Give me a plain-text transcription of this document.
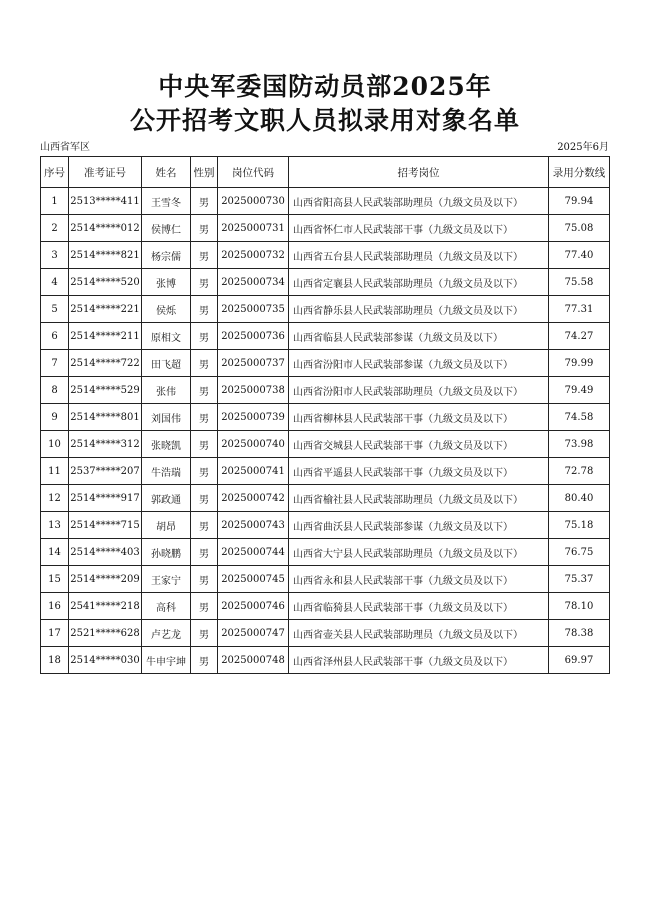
中央军委国防动员部2025年

公开招考文职人员拟录用对象名单

山西省军区	2025年6月
序号	准考证号	姓名	性别	岗位代码	招考岗位	录用分数线
1	2513*****411	王雪冬	男	2025000730	山西省阳高县人民武装部助理员（九级文员及以下）	79.94
2	2514*****012	侯博仁	男	2025000731	山西省怀仁市人民武装部干事（九级文员及以下）	75.08
3	2514*****821	杨宗儒	男	2025000732	山西省五台县人民武装部助理员（九级文员及以下）	77.40
4	2514*****520	张博	男	2025000734	山西省定襄县人民武装部助理员（九级文员及以下）	75.58
5	2514*****221	侯烁	男	2025000735	山西省静乐县人民武装部助理员（九级文员及以下）	77.31
6	2514*****211	原相文	男	2025000736	山西省临县人民武装部参谋（九级文员及以下）	74.27
7	2514*****722	田飞超	男	2025000737	山西省汾阳市人民武装部参谋（九级文员及以下）	79.99
8	2514*****529	张伟	男	2025000738	山西省汾阳市人民武装部助理员（九级文员及以下）	79.49
9	2514*****801	刘国伟	男	2025000739	山西省柳林县人民武装部干事（九级文员及以下）	74.58
10	2514*****312	张晓凯	男	2025000740	山西省交城县人民武装部干事（九级文员及以下）	73.98
11	2537*****207	牛浩瑞	男	2025000741	山西省平遥县人民武装部干事（九级文员及以下）	72.78
12	2514*****917	郭政通	男	2025000742	山西省榆社县人民武装部助理员（九级文员及以下）	80.40
13	2514*****715	胡昂	男	2025000743	山西省曲沃县人民武装部参谋（九级文员及以下）	75.18
14	2514*****403	孙晓鹏	男	2025000744	山西省大宁县人民武装部助理员（九级文员及以下）	76.75
15	2514*****209	王家宁	男	2025000745	山西省永和县人民武装部干事（九级文员及以下）	75.37
16	2541*****218	高科	男	2025000746	山西省临猗县人民武装部干事（九级文员及以下）	78.10
17	2521*****628	卢艺龙	男	2025000747	山西省壶关县人民武装部助理员（九级文员及以下）	78.38
18	2514*****030	牛申宇坤	男	2025000748	山西省泽州县人民武装部干事（九级文员及以下）	69.97
